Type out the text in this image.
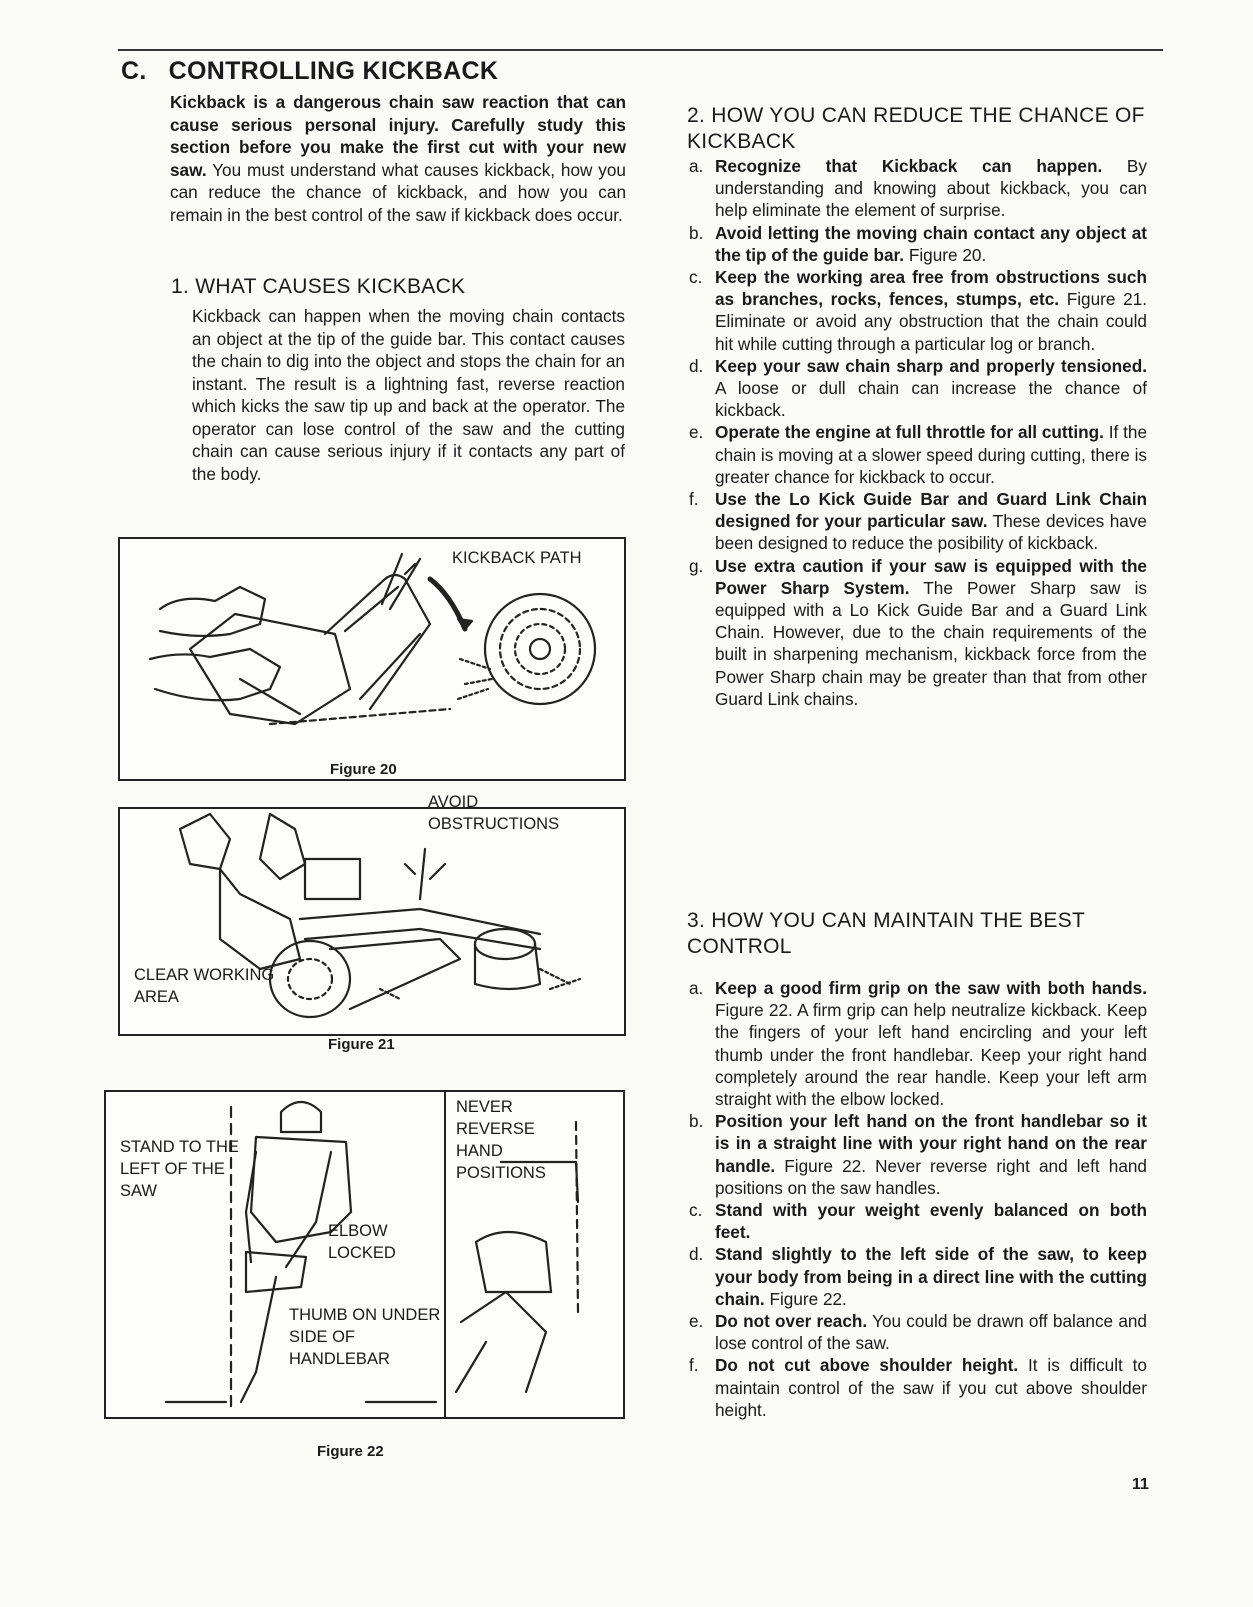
C. CONTROLLING KICKBACK

Kickback is a dangerous chain saw reaction that can cause serious personal injury. Carefully study this section before you make the first cut with your new saw. You must understand what causes kickback, how you can reduce the chance of kickback, and how you can remain in the best control of the saw if kickback does occur.

1. WHAT CAUSES KICKBACK

Kickback can happen when the moving chain contacts an object at the tip of the guide bar. This contact causes the chain to dig into the object and stops the chain for an instant. The result is a lightning fast, reverse reaction which kicks the saw tip up and back at the operator. The operator can lose control of the saw and the cutting chain can cause serious injury if it contacts any part of the body.

KICKBACK PATH

Figure 20

AVOID OBSTRUCTIONS

CLEAR WORKING AREA

Figure 21

STAND TO THE LEFT OF THE SAW

ELBOW LOCKED

THUMB ON UNDER SIDE OF HANDLEBAR

NEVER REVERSE HAND POSITIONS

Figure 22

2. HOW YOU CAN REDUCE THE CHANCE OF KICKBACK
a. Recognize that Kickback can happen. By understanding and knowing about kickback, you can help eliminate the element of surprise.
b. Avoid letting the moving chain contact any object at the tip of the guide bar. Figure 20.
c. Keep the working area free from obstructions such as branches, rocks, fences, stumps, etc. Figure 21. Eliminate or avoid any obstruction that the chain could hit while cutting through a particular log or branch.
d. Keep your saw chain sharp and properly tensioned. A loose or dull chain can increase the chance of kickback.
e. Operate the engine at full throttle for all cutting. If the chain is moving at a slower speed during cutting, there is greater chance for kickback to occur.
f. Use the Lo Kick Guide Bar and Guard Link Chain designed for your particular saw. These devices have been designed to reduce the posibility of kickback.
g. Use extra caution if your saw is equipped with the Power Sharp System. The Power Sharp saw is equipped with a Lo Kick Guide Bar and a Guard Link Chain. However, due to the chain requirements of the built in sharpening mechanism, kickback force from the Power Sharp chain may be greater than that from other Guard Link chains.
3. HOW YOU CAN MAINTAIN THE BEST CONTROL
a. Keep a good firm grip on the saw with both hands. Figure 22. A firm grip can help neutralize kickback. Keep the fingers of your left hand encircling and your left thumb under the front handlebar. Keep your right hand completely around the rear handle. Keep your left arm straight with the elbow locked.
b. Position your left hand on the front handlebar so it is in a straight line with your right hand on the rear handle. Figure 22. Never reverse right and left hand positions on the saw handles.
c. Stand with your weight evenly balanced on both feet.
d. Stand slightly to the left side of the saw, to keep your body from being in a direct line with the cutting chain. Figure 22.
e. Do not over reach. You could be drawn off balance and lose control of the saw.
f. Do not cut above shoulder height. It is difficult to maintain control of the saw if you cut above shoulder height.

11
